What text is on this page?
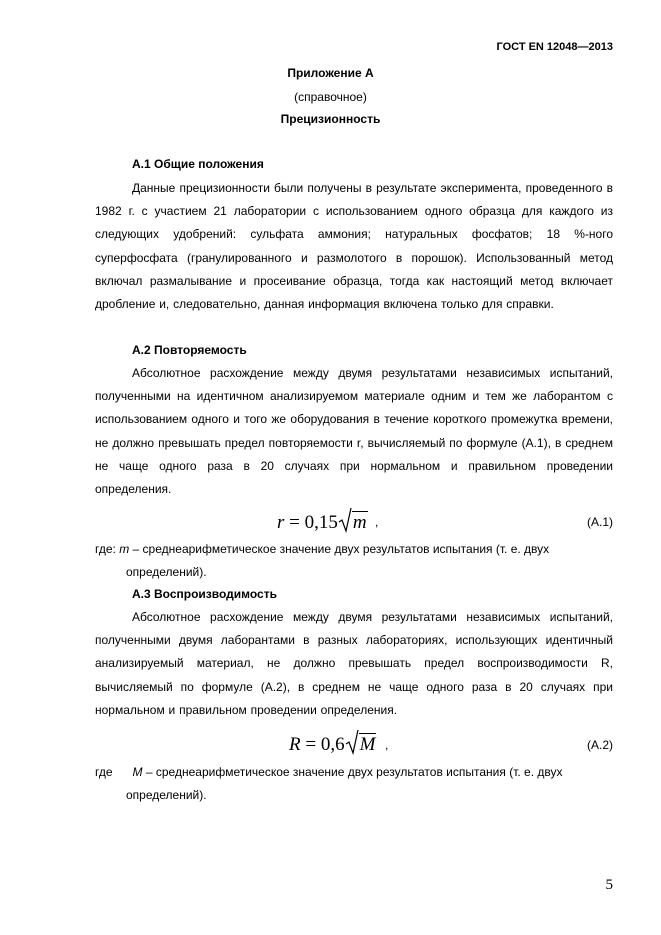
ГОСТ EN 12048—2013
Приложение А
(справочное)
Прецизионность
А.1 Общие положения
Данные прецизионности были получены в результате эксперимента, проведенного в 1982 г. с участием 21 лаборатории с использованием одного образца для каждого из следующих удобрений: сульфата аммония; натуральных фосфатов; 18 %-ного суперфосфата (гранулированного и размолотого в порошок). Использованный метод включал размалывание и просеивание образца, тогда как настоящий метод включает дробление и, следовательно, данная информация включена только для справки.
А.2 Повторяемость
Абсолютное расхождение между двумя результатами независимых испытаний, полученными на идентичном анализируемом материале одним и тем же лаборантом с использованием одного и того же оборудования в течение короткого промежутка времени, не должно превышать предел повторяемости r, вычисляемый по формуле (А.1), в среднем не чаще одного раза в 20 случаях при нормальном и правильном проведении определения.
r = 0,15 m ,	(А.1)
где: m – среднеарифметическое значение двух результатов испытания (т. е. двух
определений).
А.3 Воспроизводимость
Абсолютное расхождение между двумя результатами независимых испытаний, полученными двумя лаборантами в разных лабораториях, использующих идентичный анализируемый материал, не должно превышать предел воспроизводимости R, вычисляемый по формуле (А.2), в среднем не чаще одного раза в 20 случаях при нормальном и правильном проведении определения.
R = 0,6 M ,	(А.2)
где M – среднеарифметическое значение двух результатов испытания (т. е. двух
определений).
5
